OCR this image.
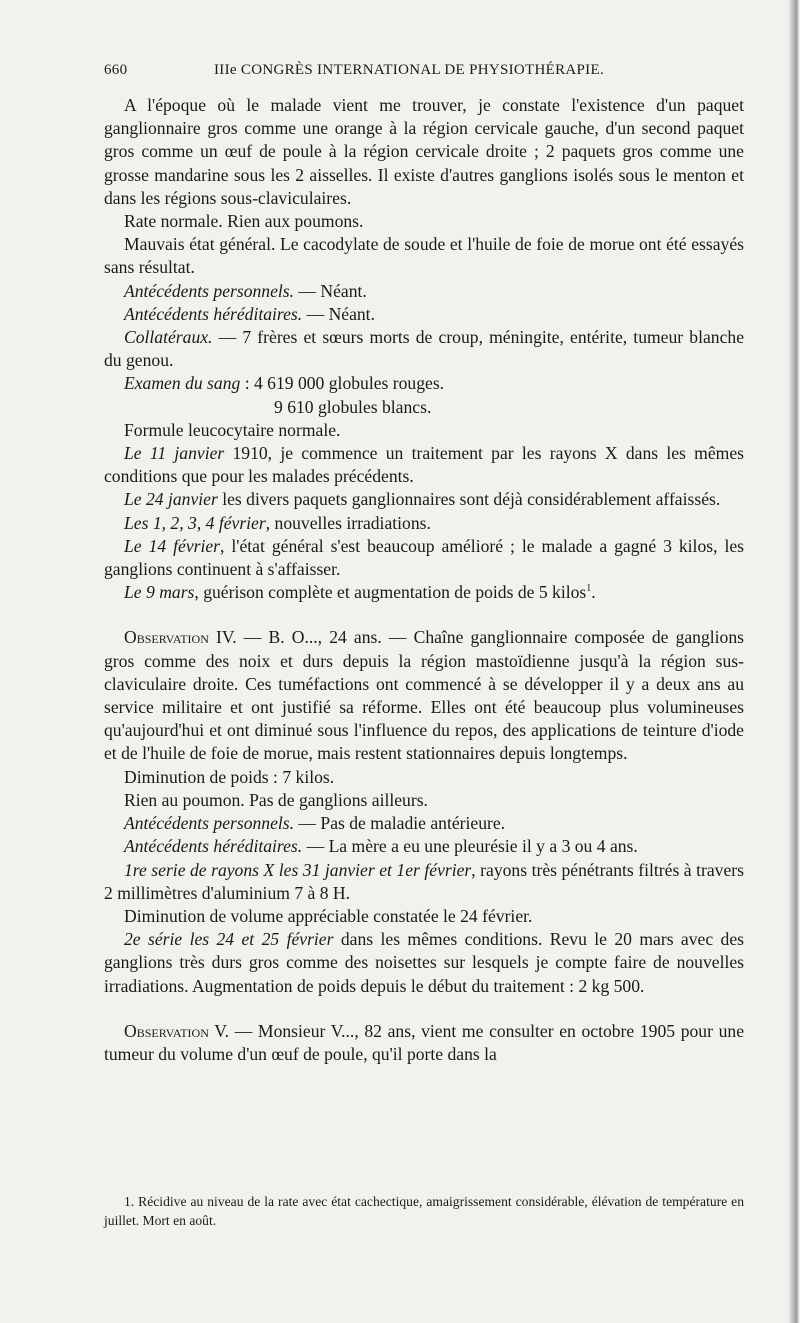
660	IIIe CONGRÈS INTERNATIONAL DE PHYSIOTHÉRAPIE.

A l'époque où le malade vient me trouver, je constate l'existence d'un paquet ganglionnaire gros comme une orange à la région cervicale gauche, d'un second paquet gros comme un œuf de poule à la région cervicale droite ; 2 paquets gros comme une grosse mandarine sous les 2 aisselles. Il existe d'autres ganglions isolés sous le menton et dans les régions sous-claviculaires.

Rate normale. Rien aux poumons.

Mauvais état général. Le cacodylate de soude et l'huile de foie de morue ont été essayés sans résultat.

Antécédents personnels. — Néant.

Antécédents héréditaires. — Néant.

Collatéraux. — 7 frères et sœurs morts de croup, méningite, entérite, tumeur blanche du genou.

Examen du sang : 4 619 000 globules rouges.

9 610 globules blancs.

Formule leucocytaire normale.

Le 11 janvier 1910, je commence un traitement par les rayons X dans les mêmes conditions que pour les malades précédents.

Le 24 janvier les divers paquets ganglionnaires sont déjà considérablement affaissés.

Les 1, 2, 3, 4 février, nouvelles irradiations.

Le 14 février, l'état général s'est beaucoup amélioré ; le malade a gagné 3 kilos, les ganglions continuent à s'affaisser.

Le 9 mars, guérison complète et augmentation de poids de 5 kilos$^1$.

Observation IV. — B. O..., 24 ans. — Chaîne ganglionnaire composée de ganglions gros comme des noix et durs depuis la région mastoïdienne jusqu'à la région sus-claviculaire droite. Ces tuméfactions ont commencé à se développer il y a deux ans au service militaire et ont justifié sa réforme. Elles ont été beaucoup plus volumineuses qu'aujourd'hui et ont diminué sous l'influence du repos, des applications de teinture d'iode et de l'huile de foie de morue, mais restent stationnaires depuis longtemps.

Diminution de poids : 7 kilos.

Rien au poumon. Pas de ganglions ailleurs.

Antécédents personnels. — Pas de maladie antérieure.

Antécédents héréditaires. — La mère a eu une pleurésie il y a 3 ou 4 ans.

1re serie de rayons X les 31 janvier et 1er février, rayons très pénétrants filtrés à travers 2 millimètres d'aluminium 7 à 8 H.

Diminution de volume appréciable constatée le 24 février.

2e série les 24 et 25 février dans les mêmes conditions. Revu le 20 mars avec des ganglions très durs gros comme des noisettes sur lesquels je compte faire de nouvelles irradiations. Augmentation de poids depuis le début du traitement : 2 kg 500.

Observation V. — Monsieur V..., 82 ans, vient me consulter en octobre 1905 pour une tumeur du volume d'un œuf de poule, qu'il porte dans la

1. Récidive au niveau de la rate avec état cachectique, amaigrissement considérable, élévation de température en juillet. Mort en août.
